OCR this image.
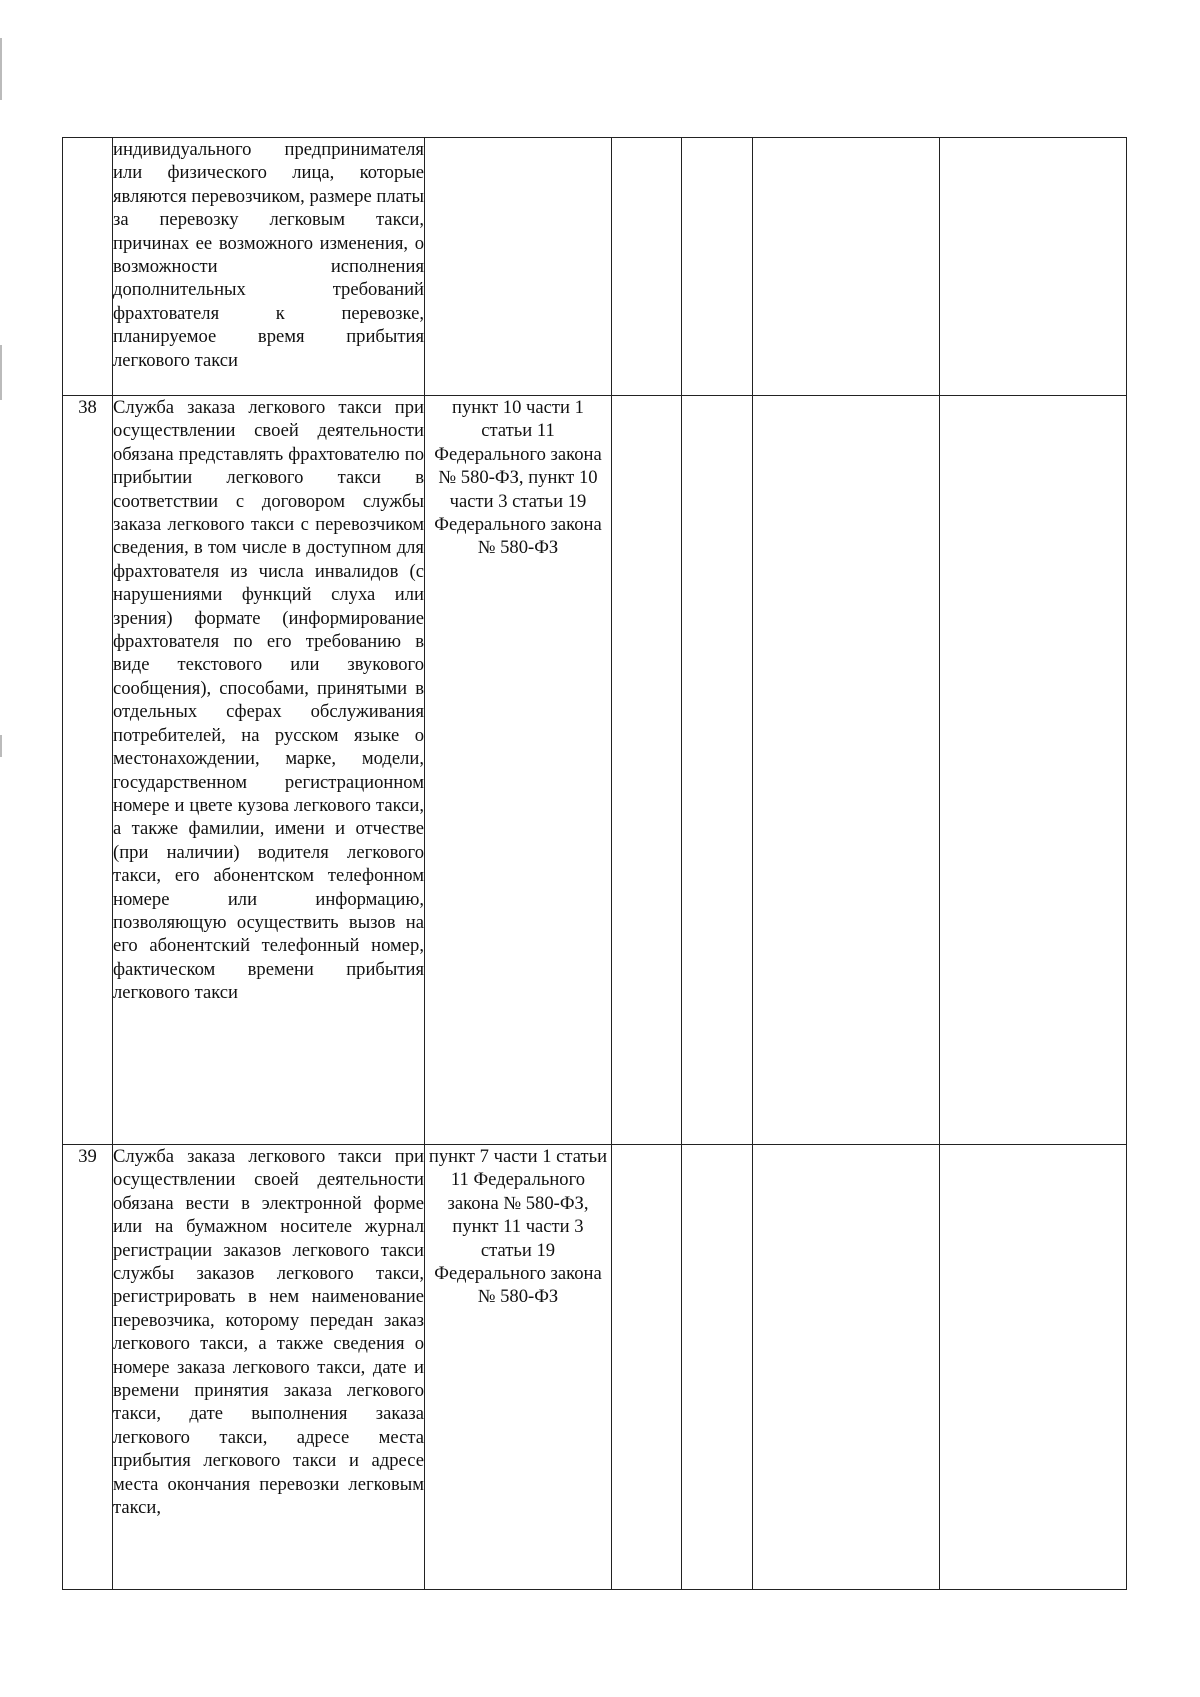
	индивидуального предпринимателя или физического лица, которые являются перевозчиком, размере платы за перевозку легковым такси, причинах ее возможного изменения, о возможности исполнения дополнительных требований фрахтователя к перевозке, планируемое время прибытия легкового такси					
38	Служба заказа легкового такси при осуществлении своей деятельности обязана представлять фрахтователю по прибытии легкового такси в соответствии с договором службы заказа легкового такси с перевозчиком сведения, в том числе в доступном для фрахтователя из числа инвалидов (с нарушениями функций слуха или зрения) формате (информирование фрахтователя по его требованию в виде текстового или звукового сообщения), способами, принятыми в отдельных сферах обслуживания потребителей, на русском языке о местонахождении, марке, модели, государственном регистрационном номере и цвете кузова легкового такси, а также фамилии, имени и отчестве (при наличии) водителя легкового такси, его абонентском телефонном номере или информацию, позволяющую осуществить вызов на его абонентский телефонный номер, фактическом времени прибытия легкового такси	пункт 10 части 1 статьи 11 Федерального закона № 580-ФЗ, пункт 10 части 3 статьи 19 Федерального закона № 580-ФЗ				
39	Служба заказа легкового такси при осуществлении своей деятельности обязана вести в электронной форме или на бумажном носителе журнал регистрации заказов легкового такси службы заказов легкового такси, регистрировать в нем наименование перевозчика, которому передан заказ легкового такси, а также сведения о номере заказа легкового такси, дате и времени принятия заказа легкового такси, дате выполнения заказа легкового такси, адресе места прибытия легкового такси и адресе места окончания перевозки легковым такси,	пункт 7 части 1 статьи 11 Федерального закона № 580-ФЗ, пункт 11 части 3 статьи 19 Федерального закона № 580-ФЗ				
